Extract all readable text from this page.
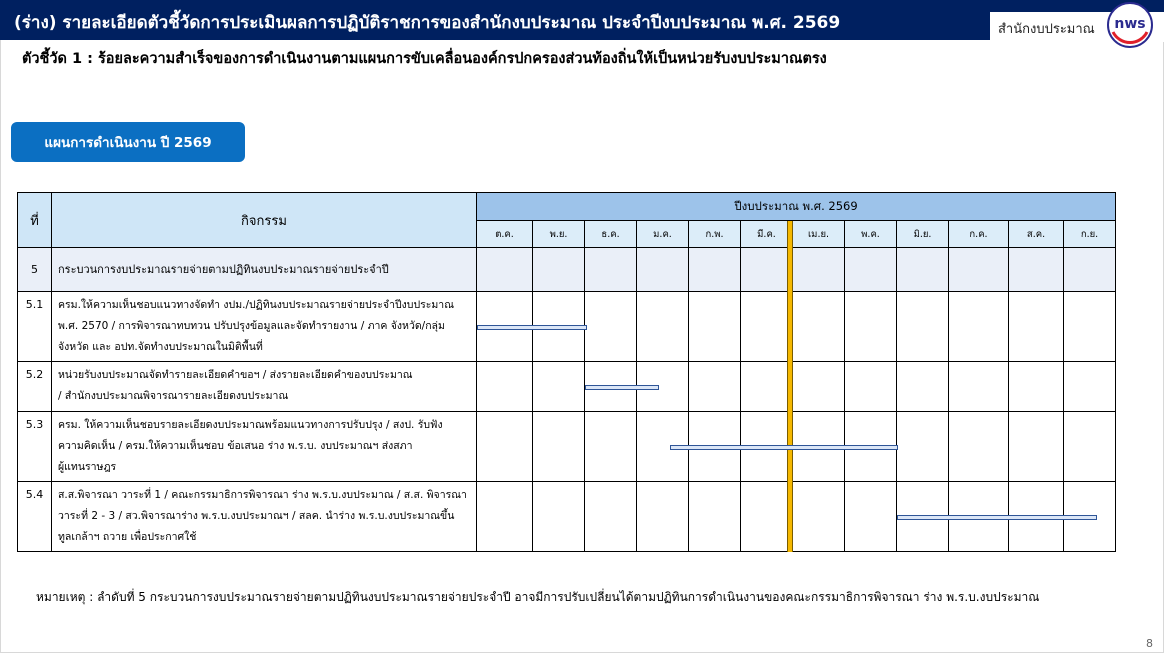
(ร่าง) รายละเอียดตัวชี้วัดการประเมินผลการปฏิบัติราชการของสำนักงบประมาณ ประจำปีงบประมาณ พ.ศ. 2569	สำนักงบประมาณ nws
ตัวชี้วัด 1 : ร้อยละความสำเร็จของการดำเนินงานตามแผนการขับเคลื่อนองค์กรปกครองส่วนท้องถิ่นให้เป็นหน่วยรับงบประมาณตรง
แผนการดำเนินงาน ปี 2569
ที่	กิจกรรม	ปีงบประมาณ พ.ศ. 2569											
		ต.ค.	พ.ย.	ธ.ค.	ม.ค.	ก.พ.	มี.ค.	เม.ย.	พ.ค.	มิ.ย.	ก.ค.	ส.ค.	ก.ย.
5	กระบวนการงบประมาณรายจ่ายตามปฏิทินงบประมาณรายจ่ายประจำปี												

5.1	ครม.ให้ความเห็นชอบแนวทางจัดทำ งปม./ปฏิทินงบประมาณรายจ่ายประจำปีงบประมาณ
พ.ศ. 2570 / การพิจารณาทบทวน ปรับปรุงข้อมูลและจัดทำรายงาน / ภาค จังหวัด/กลุ่ม
จังหวัด และ อปท.จัดทำงบประมาณในมิติพื้นที่												

5.2	หน่วยรับงบประมาณจัดทำรายละเอียดคำขอฯ / ส่งรายละเอียดคำของบประมาณ
/ สำนักงบประมาณพิจารณารายละเอียดงบประมาณ												

5.3	ครม. ให้ความเห็นชอบรายละเอียดงบประมาณพร้อมแนวทางการปรับปรุง / สงป. รับฟัง
ความคิดเห็น / ครม.ให้ความเห็นชอบ ข้อเสนอ ร่าง พ.ร.บ. งบประมาณฯ ส่งสภา
ผู้แทนราษฎร												

5.4	ส.ส.พิจารณา วาระที่ 1 / คณะกรรมาธิการพิจารณา ร่าง พ.ร.บ.งบประมาณ / ส.ส. พิจารณา
วาระที่ 2 - 3 / สว.พิจารณาร่าง พ.ร.บ.งบประมาณฯ / สลค. นำร่าง พ.ร.บ.งบประมาณขึ้น
ทูลเกล้าฯ ถวาย เพื่อประกาศใช้												

หมายเหตุ : ลำดับที่ 5 กระบวนการงบประมาณรายจ่ายตามปฏิทินงบประมาณรายจ่ายประจำปี อาจมีการปรับเปลี่ยนได้ตามปฏิทินการดำเนินงานของคณะกรรมาธิการพิจารณา ร่าง พ.ร.บ.งบประมาณ
8
